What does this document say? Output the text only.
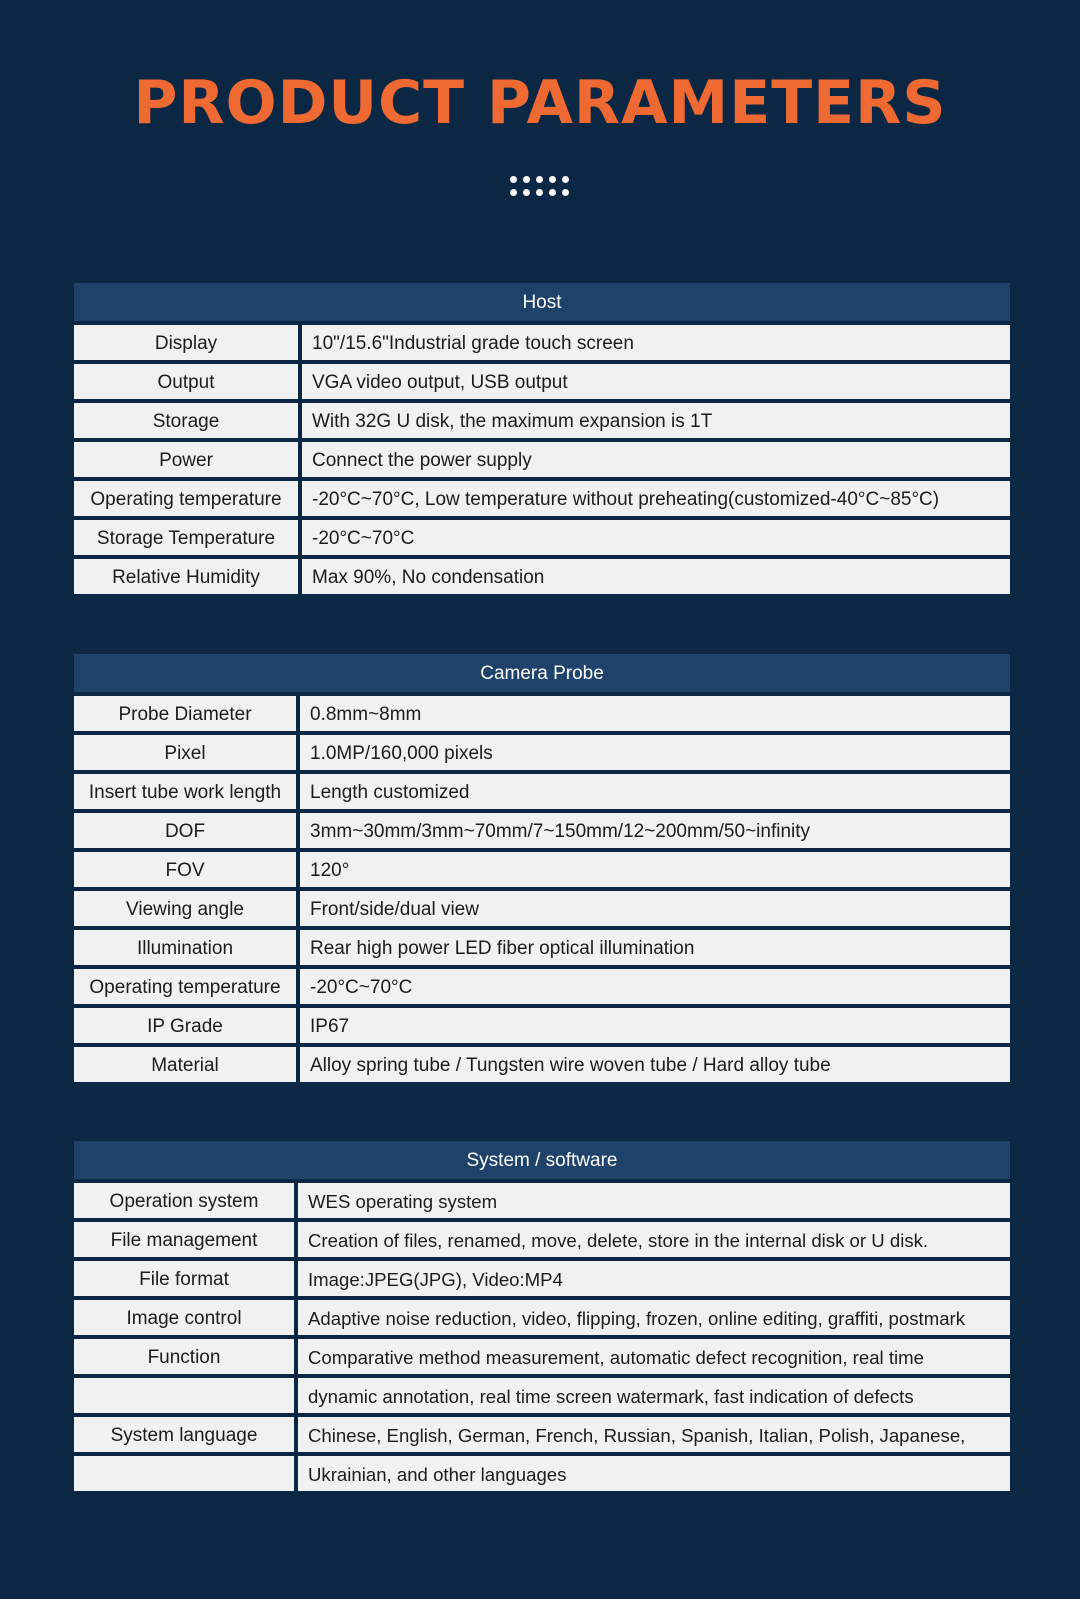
PRODUCT PARAMETERS
Host
Display	10"/15.6"Industrial grade touch screen
Output	VGA video output, USB output
Storage	With 32G U disk, the maximum expansion is 1T
Power	Connect the power supply
Operating temperature	-20°C~70°C, Low temperature without preheating(customized-40°C~85°C)
Storage Temperature	-20°C~70°C
Relative Humidity	Max 90%, No condensation
Camera Probe
Probe Diameter	0.8mm~8mm
Pixel	1.0MP/160,000 pixels
Insert tube work length	Length customized
DOF	3mm~30mm/3mm~70mm/7~150mm/12~200mm/50~infinity
FOV	120°
Viewing angle	Front/side/dual view
Illumination	Rear high power LED fiber optical illumination
Operating temperature	-20°C~70°C
IP Grade	IP67
Material	Alloy spring tube / Tungsten wire woven tube / Hard alloy tube
System / software
Operation system	WES operating system
File management	Creation of files, renamed, move, delete, store in the internal disk or U disk.
File format	Image:JPEG(JPG), Video:MP4
Image control	Adaptive noise reduction, video, flipping, frozen, online editing, graffiti, postmark
Function	Comparative method measurement, automatic defect recognition, real time
dynamic annotation, real time screen watermark, fast indication of defects
System language	Chinese, English, German, French, Russian, Spanish, Italian, Polish, Japanese,
Ukrainian, and other languages
